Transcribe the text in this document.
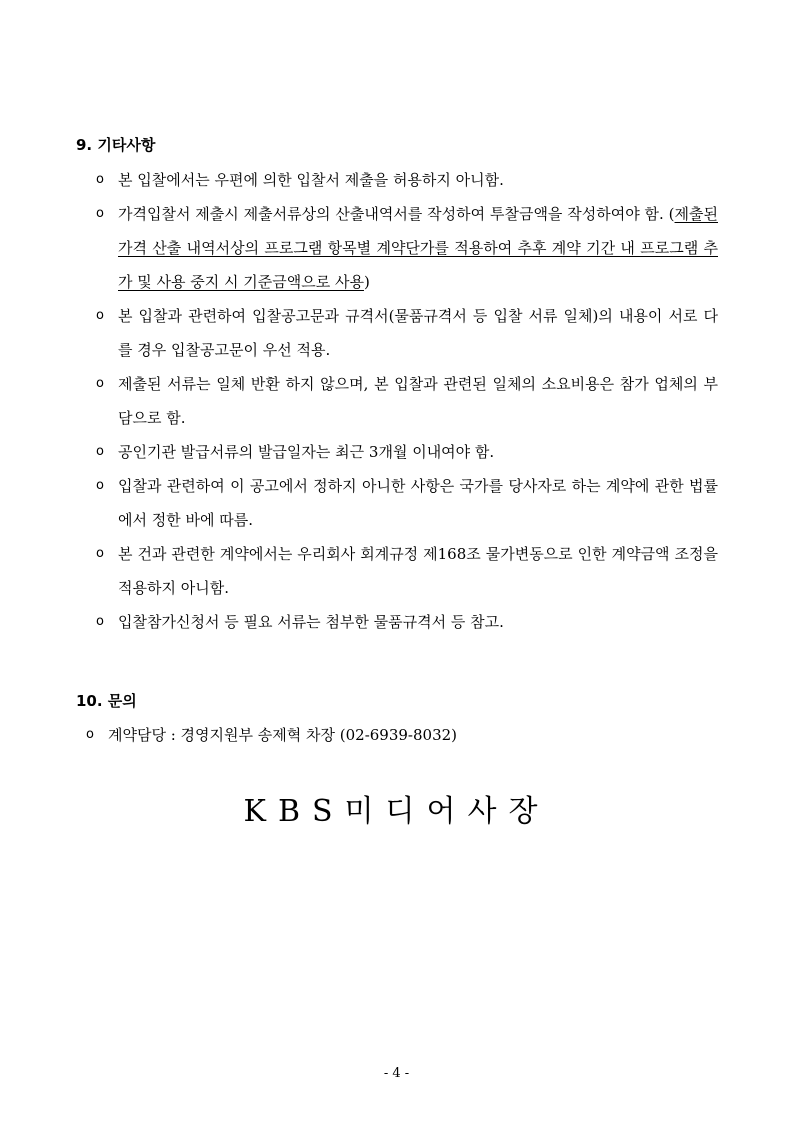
9. 기타사항
o 본 입찰에서는 우편에 의한 입찰서 제출을 허용하지 아니함.
o 가격입찰서 제출시 제출서류상의 산출내역서를 작성하여 투찰금액을 작성하여야 함. (제출된 가격 산출 내역서상의 프로그램 항목별 계약단가를 적용하여 추후 계약 기간 내 프로그램 추가 및 사용 중지 시 기준금액으로 사용)
o 본 입찰과 관련하여 입찰공고문과 규격서(물품규격서 등 입찰 서류 일체)의 내용이 서로 다를 경우 입찰공고문이 우선 적용.
o 제출된 서류는 일체 반환 하지 않으며, 본 입찰과 관련된 일체의 소요비용은 참가 업체의 부담으로 함.
o 공인기관 발급서류의 발급일자는 최근 3개월 이내여야 함.
o 입찰과 관련하여 이 공고에서 정하지 아니한 사항은 국가를 당사자로 하는 계약에 관한 법률에서 정한 바에 따름.
o 본 건과 관련한 계약에서는 우리회사 회계규정 제168조 물가변동으로 인한 계약금액 조정을 적용하지 아니함.
o 입찰참가신청서 등 필요 서류는 첨부한 물품규격서 등 참고.
10. 문의
o 계약담당 : 경영지원부 송제혁 차장 (02-6939-8032)
KBS미디어사장
- 4 -
